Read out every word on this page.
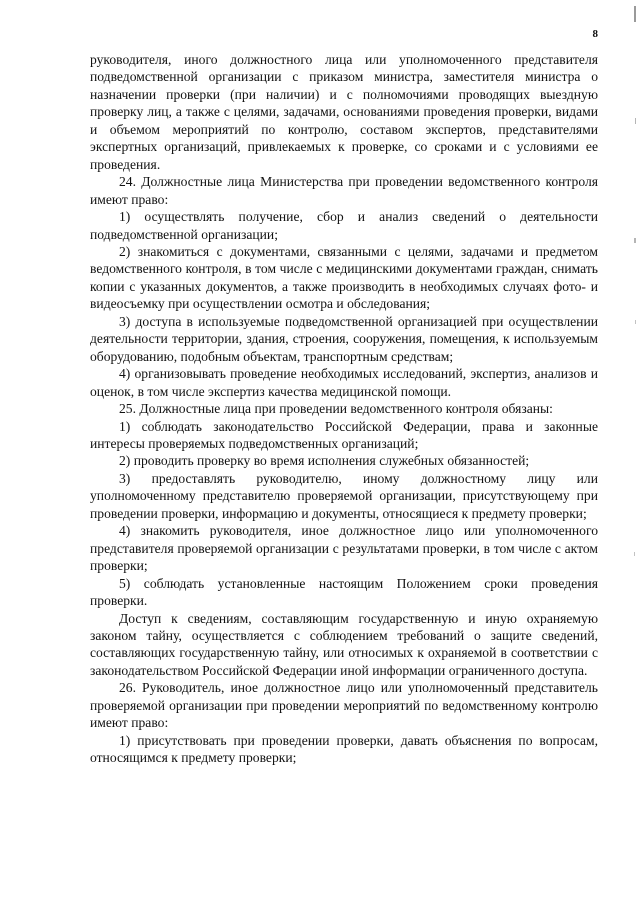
8

руководителя, иного должностного лица или уполномоченного представителя подведомственной организации с приказом министра, заместителя министра о назначении проверки (при наличии) и с полномочиями проводящих выездную проверку лиц, а также с целями, задачами, основаниями проведения проверки, видами и объемом мероприятий по контролю, составом экспертов, представителями экспертных организаций, привлекаемых к проверке, со сроками и с условиями ее проведения.

24. Должностные лица Министерства при проведении ведомственного контроля имеют право:

1) осуществлять получение, сбор и анализ сведений о деятельности подведомственной организации;

2) знакомиться с документами, связанными с целями, задачами и предметом ведомственного контроля, в том числе с медицинскими документами граждан, снимать копии с указанных документов, а также производить в необходимых случаях фото- и видеосъемку при осуществлении осмотра и обследования;

3) доступа в используемые подведомственной организацией при осуществлении деятельности территории, здания, строения, сооружения, помещения, к используемым оборудованию, подобным объектам, транспортным средствам;

4) организовывать проведение необходимых исследований, экспертиз, анализов и оценок, в том числе экспертиз качества медицинской помощи.

25. Должностные лица при проведении ведомственного контроля обязаны:

1) соблюдать законодательство Российской Федерации, права и законные интересы проверяемых подведомственных организаций;

2) проводить проверку во время исполнения служебных обязанностей;

3) предоставлять руководителю, иному должностному лицу или уполномоченному представителю проверяемой организации, присутствующему при проведении проверки, информацию и документы, относящиеся к предмету проверки;

4) знакомить руководителя, иное должностное лицо или уполномоченного представителя проверяемой организации с результатами проверки, в том числе с актом проверки;

5) соблюдать установленные настоящим Положением сроки проведения проверки.

Доступ к сведениям, составляющим государственную и иную охраняемую законом тайну, осуществляется с соблюдением требований о защите сведений, составляющих государственную тайну, или относимых к охраняемой в соответствии с законодательством Российской Федерации иной информации ограниченного доступа.

26. Руководитель, иное должностное лицо или уполномоченный представитель проверяемой организации при проведении мероприятий по ведомственному контролю имеют право:

1) присутствовать при проведении проверки, давать объяснения по вопросам, относящимся к предмету проверки;
